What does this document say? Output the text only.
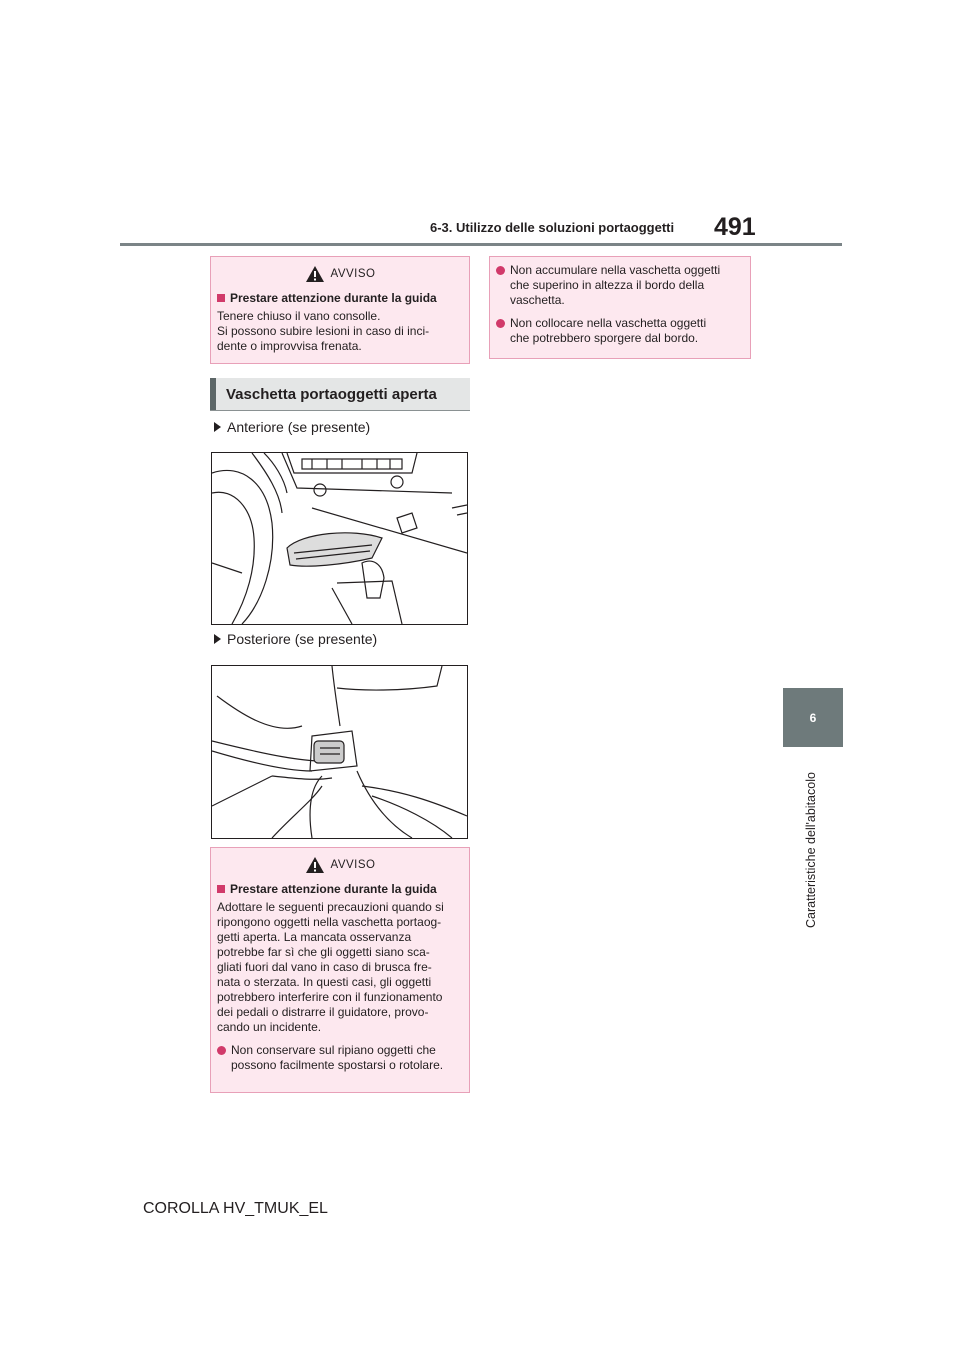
6-3. Utilizzo delle soluzioni portaoggetti 491
6
Caratteristiche dell'abitacolo
AVVISO
Prestare attenzione durante la guida
Tenere chiuso il vano consolle.
Si possono subire lesioni in caso di inci-
dente o improvvisa frenata.
Non accumulare nella vaschetta oggetti
che superino in altezza il bordo della
vaschetta.
Non collocare nella vaschetta oggetti
che potrebbero sporgere dal bordo.
Vaschetta portaoggetti aperta
Anteriore (se presente)
Posteriore (se presente)
AVVISO
Prestare attenzione durante la guida
Adottare le seguenti precauzioni quando si
ripongono oggetti nella vaschetta portaog-
getti aperta. La mancata osservanza
potrebbe far sì che gli oggetti siano sca-
gliati fuori dal vano in caso di brusca fre-
nata o sterzata. In questi casi, gli oggetti
potrebbero interferire con il funzionamento
dei pedali o distrarre il guidatore, provo-
cando un incidente.
Non conservare sul ripiano oggetti che
possono facilmente spostarsi o rotolare.
COROLLA HV_TMUK_EL
